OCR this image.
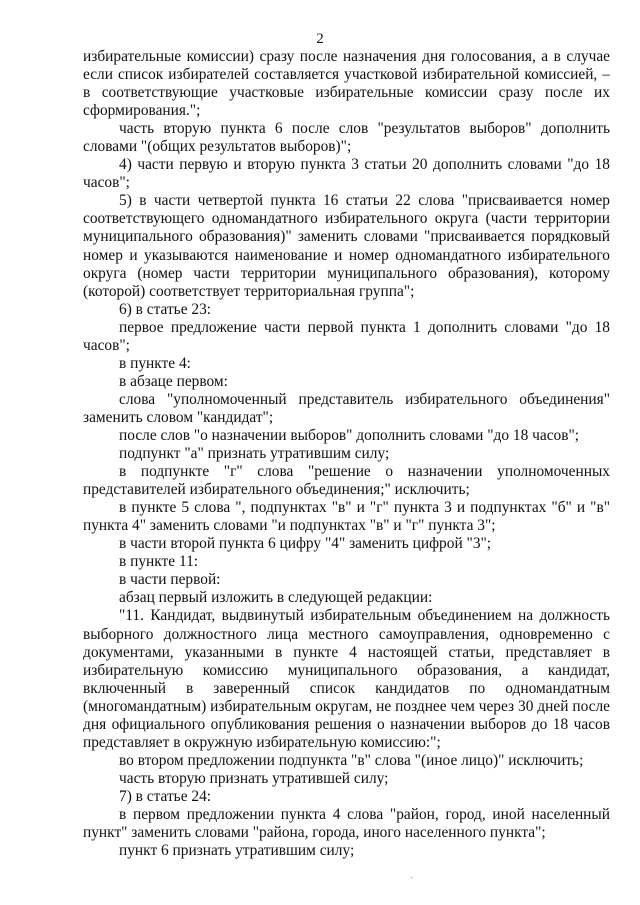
2

избирательные комиссии) сразу после назначения дня голосования, а в случае если список избирателей составляется участковой избирательной комиссией, – в соответствующие участковые избирательные комиссии сразу после их сформирования.";

часть вторую пункта 6 после слов "результатов выборов" дополнить словами "(общих результатов выборов)";

4) части первую и вторую пункта 3 статьи 20 дополнить словами "до 18 часов";

5) в части четвертой пункта 16 статьи 22 слова "присваивается номер соответствующего одномандатного избирательного округа (части территории муниципального образования)" заменить словами "присваивается порядковый номер и указываются наименование и номер одномандатного избирательного округа (номер части территории муниципального образования), которому (которой) соответствует территориальная группа";

6) в статье 23:

первое предложение части первой пункта 1 дополнить словами "до 18 часов";

в пункте 4:

в абзаце первом:

слова "уполномоченный представитель избирательного объединения" заменить словом "кандидат";

после слов "о назначении выборов" дополнить словами "до 18 часов";

подпункт "а" признать утратившим силу;

в подпункте "г" слова "решение о назначении уполномоченных представителей избирательного объединения;" исключить;

в пункте 5 слова ", подпунктах "в" и "г" пункта 3 и подпунктах "б" и "в" пункта 4" заменить словами "и подпунктах "в" и "г" пункта 3";

в части второй пункта 6 цифру "4" заменить цифрой "3";

в пункте 11:

в части первой:

абзац первый изложить в следующей редакции:

"11. Кандидат, выдвинутый избирательным объединением на должность выборного должностного лица местного самоуправления, одновременно с документами, указанными в пункте 4 настоящей статьи, представляет в избирательную комиссию муниципального образования, а кандидат, включенный в заверенный список кандидатов по одномандатным (многомандатным) избирательным округам, не позднее чем через 30 дней после дня официального опубликования решения о назначении выборов до 18 часов представляет в окружную избирательную комиссию:";

во втором предложении подпункта "в" слова "(иное лицо)" исключить;

часть вторую признать утратившей силу;

7) в статье 24:

в первом предложении пункта 4 слова "район, город, иной населенный пункт" заменить словами "района, города, иного населенного пункта";

пункт 6 признать утратившим силу;

ˏ
